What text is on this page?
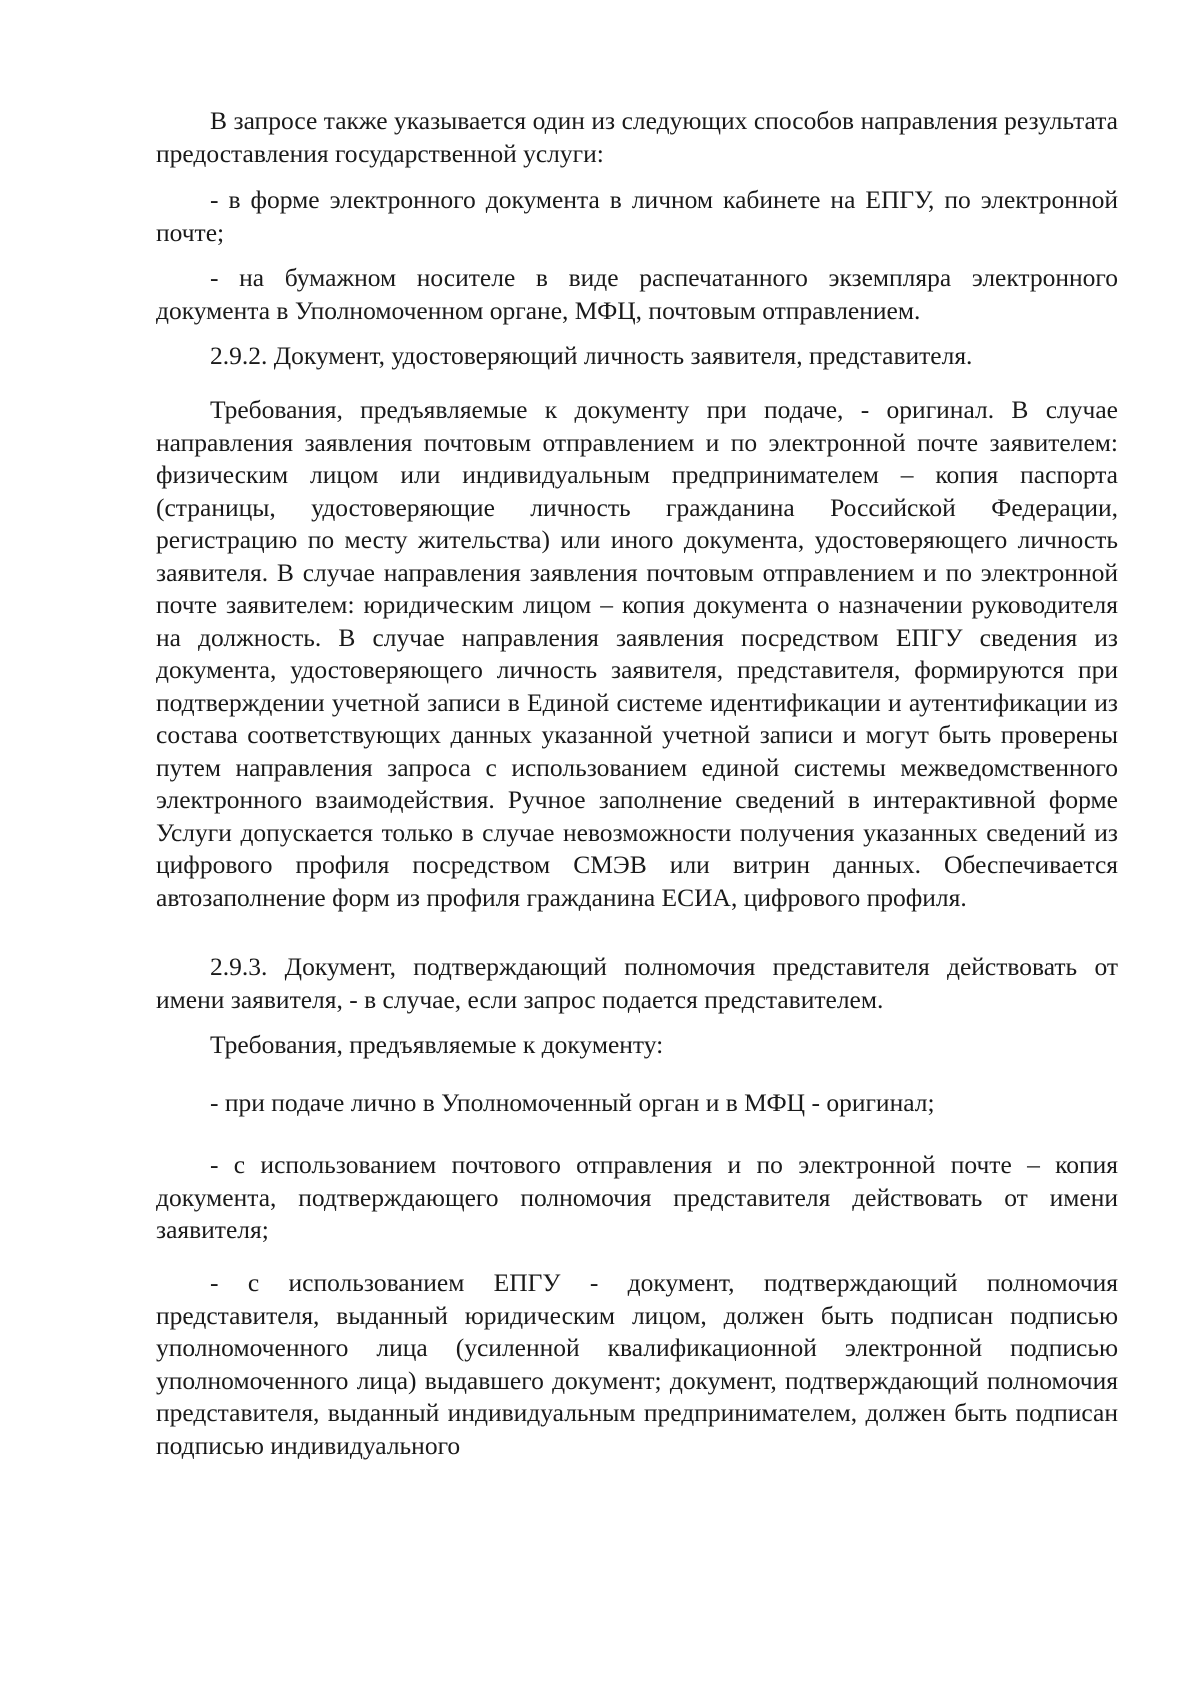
В запросе также указывается один из следующих способов направления результата предоставления государственной услуги:

- в форме электронного документа в личном кабинете на ЕПГУ, по электронной почте;

- на бумажном носителе в виде распечатанного экземпляра электронного документа в Уполномоченном органе, МФЦ, почтовым отправлением.

2.9.2. Документ, удостоверяющий личность заявителя, представителя.

Требования, предъявляемые к документу при подаче, - оригинал. В случае направления заявления почтовым отправлением и по электронной почте заявителем: физическим лицом или индивидуальным предпринимателем – копия паспорта (страницы, удостоверяющие личность гражданина Российской Федерации, регистрацию по месту жительства) или иного документа, удостоверяющего личность заявителя. В случае направления заявления почтовым отправлением и по электронной почте заявителем: юридическим лицом – копия документа о назначении руководителя на должность. В случае направления заявления посредством ЕПГУ сведения из документа, удостоверяющего личность заявителя, представителя, формируются при подтверждении учетной записи в Единой системе идентификации и аутентификации из состава соответствующих данных указанной учетной записи и могут быть проверены путем направления запроса с использованием единой системы межведомственного электронного взаимодействия. Ручное заполнение сведений в интерактивной форме Услуги допускается только в случае невозможности получения указанных сведений из цифрового профиля посредством СМЭВ или витрин данных. Обеспечивается автозаполнение форм из профиля гражданина ЕСИА, цифрового профиля.

2.9.3. Документ, подтверждающий полномочия представителя действовать от имени заявителя, - в случае, если запрос подается представителем.

Требования, предъявляемые к документу:

- при подаче лично в Уполномоченный орган и в МФЦ - оригинал;

- с использованием почтового отправления и по электронной почте – копия документа, подтверждающего полномочия представителя действовать от имени заявителя;

- с использованием ЕПГУ - документ, подтверждающий полномочия представителя, выданный юридическим лицом, должен быть подписан подписью уполномоченного лица (усиленной квалификационной электронной подписью уполномоченного лица) выдавшего документ; документ, подтверждающий полномочия представителя, выданный индивидуальным предпринимателем, должен быть подписан подписью индивидуального
